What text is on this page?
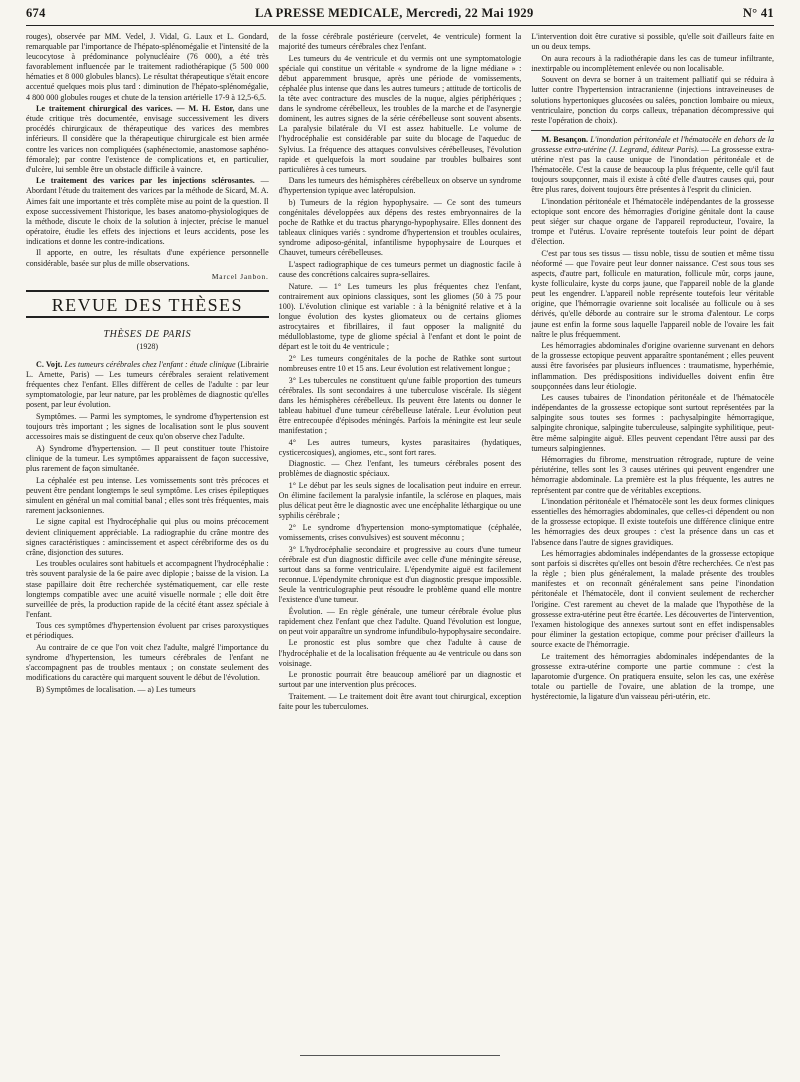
674	LA PRESSE MEDICALE, Mercredi, 22 Mai 1929	N° 41

rouges), observée par MM. Vedel, J. Vidal, G. Laux et L. Gondard, remarquable par l'importance de l'hépato-splénomégalie et l'intensité de la leucocytose à prédominance polynucléaire (76 000), a été très favorablement influencée par le traitement radiothérapique (5 500 000 hématies et 8 000 globules blancs). Le résultat thérapeutique s'était encore accentué quelques mois plus tard : diminution de l'hépato-splénomégalie, 4 800 000 globules rouges et chute de la tension artérielle 17-9 à 12,5-6,5.

Le traitement chirurgical des varices. — M. H. Estor, dans une étude critique très documentée, envisage successivement les divers procédés chirurgicaux de thérapeutique des varices des membres inférieurs. Il considère que la thérapeutique chirurgicale est bien armée contre les varices non compliquées (saphénectomie, anastomose saphéno-fémorale); par contre l'existence de complications et, en particulier, d'ulcère, lui semble être un obstacle difficile à vaincre.

Le traitement des varices par les injections sclérosantes. — Abordant l'étude du traitement des varices par la méthode de Sicard, M. A. Aimes fait une importante et très complète mise au point de la question. Il expose successivement l'historique, les bases anatomo-physiologiques de la méthode, discute le choix de la solution à injecter, précise le manuel opératoire, étudie les effets des injections et leurs accidents, pose les indications et donne les contre-indications.

Il apporte, en outre, les résultats d'une expérience personnelle considérable, basée sur plus de mille observations.

Marcel Janbon.
REVUE DES THÈSES
THÈSES DE PARIS
(1928)

C. Vojt. Les tumeurs cérébrales chez l'enfant : étude clinique (Librairie L. Arnette, Paris) — Les tumeurs cérébrales seraient relativement fréquentes chez l'enfant. Elles diffèrent de celles de l'adulte : par leur symptomatologie, par leur nature, par les problèmes de diagnostic qu'elles posent, par leur évolution.

Symptômes. — Parmi les symptomes, le syndrome d'hypertension est toujours très important ; les signes de localisation sont le plus souvent accessoires mais se distinguent de ceux qu'on observe chez l'adulte.

A) Syndrome d'hypertension. — Il peut constituer toute l'histoire clinique de la tumeur. Les symptômes apparaissent de façon successive, plus rarement de façon simultanée.

La céphalée est peu intense. Les vomissements sont très précoces et peuvent être pendant longtemps le seul symptôme. Les crises épileptiques simulent en général un mal comitial banal ; elles sont très fréquentes, mais rarement jacksoniennes.

Le signe capital est l'hydrocéphalie qui plus ou moins précocement devient cliniquement appréciable. La radiographie du crâne montre des signes caractéristiques : amincissement et aspect cérébriforme des os du crâne, disjonction des sutures.

Les troubles oculaires sont habituels et accompagnent l'hydrocéphalie : très souvent paralysie de la 6e paire avec diplopie ; baisse de la vision. La stase papillaire doit être recherchée systématiquement, car elle reste longtemps compatible avec une acuité visuelle normale ; elle doit être surveillée de près, la production rapide de la cécité étant assez spéciale à l'enfant.

Tous ces symptômes d'hypertension évoluent par crises paroxystiques et périodiques.

Au contraire de ce que l'on voit chez l'adulte, malgré l'importance du syndrome d'hypertension, les tumeurs cérébrales de l'enfant ne s'accompagnent pas de troubles mentaux ; on constate seulement des modifications du caractère qui marquent souvent le début de l'évolution.

B) Symptômes de localisation. — a) Les tumeurs

de la fosse cérébrale postérieure (cervelet, 4e ventricule) forment la majorité des tumeurs cérébrales chez l'enfant.

Les tumeurs du 4e ventricule et du vermis ont une symptomatologie spéciale qui constitue un véritable « syndrome de la ligne médiane » : début apparemment brusque, après une période de vomissements, céphalée plus intense que dans les autres tumeurs ; attitude de torticolis de la tête avec contracture des muscles de la nuque, algies périphériques ; dans le syndrome cérébelleux, les troubles de la marche et de l'asynergie dominent, les autres signes de la série cérébelleuse sont souvent absents. La paralysie bilatérale du VI est assez habituelle. Le volume de l'hydrocéphalie est considérable par suite du blocage de l'aqueduc de Sylvius. La fréquence des attaques convulsives cérébelleuses, l'évolution rapide et quelquefois la mort soudaine par troubles bulbaires sont particulières à ces tumeurs.

Dans les tumeurs des hémisphères cérébelleux on observe un syndrome d'hypertension typique avec latéropulsion.

b) Tumeurs de la région hypophysaire. — Ce sont des tumeurs congénitales développées aux dépens des restes embryonnaires de la poche de Rathke et du tractus pharyngo-hypophysaire. Elles donnent des tableaux cliniques variés : syndrome d'hypertension et troubles oculaires, syndrome adiposo-génital, infantilisme hypophysaire de Lourques et Chauvet, tumeurs cérébelleuses.

L'aspect radiographique de ces tumeurs permet un diagnostic facile à cause des concrétions calcaires supra-sellaires.

Nature. — 1° Les tumeurs les plus fréquentes chez l'enfant, contrairement aux opinions classiques, sont les gliomes (50 à 75 pour 100). L'évolution clinique est variable : à la bénignité relative et à la longue évolution des kystes gliomateux ou de certains gliomes astrocytaires et fibrillaires, il faut opposer la malignité du médulloblastome, type de gliome spécial à l'enfant et dont le point de départ est le toit du 4e ventricule ;

2° Les tumeurs congénitales de la poche de Rathke sont surtout nombreuses entre 10 et 15 ans. Leur évolution est relativement longue ;

3° Les tubercules ne constituent qu'une faible proportion des tumeurs cérébrales. Ils sont secondaires à une tuberculose viscérale. Ils siègent dans les hémisphères cérébelleux. Ils peuvent être latents ou donner le tableau habituel d'une tumeur cérébelleuse latérale. Leur évolution peut être entrecoupée d'épisodes méningés. Parfois la méningite est leur seule manifestation ;

4° Les autres tumeurs, kystes parasitaires (hydatiques, cysticercosiques), angiomes, etc., sont fort rares.

Diagnostic. — Chez l'enfant, les tumeurs cérébrales posent des problèmes de diagnostic spéciaux.

1° Le début par les seuls signes de localisation peut induire en erreur. On élimine facilement la paralysie infantile, la sclérose en plaques, mais plus délicat peut être le diagnostic avec une encéphalite léthargique ou une syphilis cérébrale ;

2° Le syndrome d'hypertension mono-symptomatique (céphalée, vomissements, crises convulsives) est souvent méconnu ;

3° L'hydrocéphalie secondaire et progressive au cours d'une tumeur cérébrale est d'un diagnostic difficile avec celle d'une méningite séreuse, surtout dans sa forme ventriculaire. L'épendymite aiguë est facilement reconnue. L'épendymite chronique est d'un diagnostic presque impossible. Seule la ventriculographie peut résoudre le problème quand elle montre l'existence d'une tumeur.

Évolution. — En règle générale, une tumeur cérébrale évolue plus rapidement chez l'enfant que chez l'adulte. Quand l'évolution est longue, on peut voir apparaître un syndrome infundibulo-hypophysaire secondaire.

Le pronostic est plus sombre que chez l'adulte à cause de l'hydrocéphalie et de la localisation fréquente au 4e ventricule ou dans son voisinage.

Le pronostic pourrait être beaucoup amélioré par un diagnostic et surtout par une intervention plus précoces.

Traitement. — Le traitement doit être avant tout chirurgical, exception faite pour les tuberculomes.

L'intervention doit être curative si possible, qu'elle soit d'ailleurs faite en un ou deux temps.

On aura recours à la radiothérapie dans les cas de tumeur infiltrante, inextirpable ou incomplètement enlevée ou non localisable.

Souvent on devra se borner à un traitement palliatif qui se réduira à lutter contre l'hypertension intracranienne (injections intraveineuses de solutions hypertoniques glucosées ou salées, ponction lombaire ou mieux, ventriculaire, ponction du corps calleux, trépanation décompressive qui reste l'opération de choix).

M. Besançon. L'inondation péritonéale et l'hématocèle en dehors de la grossesse extra-utérine (J. Legrand, éditeur Paris). — La grossesse extra-utérine n'est pas la cause unique de l'inondation péritonéale et de l'hématocèle. C'est la cause de beaucoup la plus fréquente, celle qu'il faut toujours soupçonner, mais il existe à côté d'elle d'autres causes qui, pour être plus rares, doivent toujours être présentes à l'esprit du clinicien.

L'inondation péritonéale et l'hématocèle indépendantes de la grossesse ectopique sont encore des hémorragies d'origine génitale dont la cause peut siéger sur chaque organe de l'appareil reproducteur, l'ovaire, la trompe et l'utérus. L'ovaire représente toutefois leur point de départ d'élection.

C'est par tous ses tissus — tissu noble, tissu de soutien et même tissu néoformé — que l'ovaire peut leur donner naissance. C'est sous tous ses aspects, d'autre part, follicule en maturation, follicule mûr, corps jaune, kyste folliculaire, kyste du corps jaune, que l'appareil noble de la glande peut les engendrer. L'appareil noble représente toutefois leur véritable origine, que l'hémorragie ovarienne soit localisée au follicule ou à ses dérivés, qu'elle déborde au contraire sur le stroma d'alentour. Le corps jaune est enfin la forme sous laquelle l'appareil noble de l'ovaire les fait naître le plus fréquemment.

Les hémorragies abdominales d'origine ovarienne survenant en dehors de la grossesse ectopique peuvent apparaître spontanément ; elles peuvent aussi être favorisées par plusieurs influences : traumatisme, hyperhémie, inflammation. Des prédispositions individuelles doivent enfin être soupçonnées dans leur étiologie.

Les causes tubaires de l'inondation péritonéale et de l'hématocèle indépendantes de la grossesse ectopique sont surtout représentées par la salpingite sous toutes ses formes : pachysalpingite hémorragique, salpingite chronique, salpingite tuberculeuse, salpingite syphilitique, peut-être même salpingite aiguë. Elles peuvent cependant l'être aussi par des tumeurs salpingiennes.

Hémorragies du fibrome, menstruation rétrograde, rupture de veine périutérine, telles sont les 3 causes utérines qui peuvent engendrer une hémorragie abdominale. La première est la plus fréquente, les autres ne représentent par contre que de véritables exceptions.

L'inondation péritonéale et l'hématocèle sont les deux formes cliniques essentielles des hémorragies abdominales, que celles-ci dépendent ou non de la grossesse ectopique. Il existe toutefois une différence clinique entre les hémorragies des deux groupes : c'est la présence dans un cas et l'absence dans l'autre de signes gravidiques.

Les hémorragies abdominales indépendantes de la grossesse ectopique sont parfois si discrètes qu'elles ont besoin d'être recherchées. Ce n'est pas la règle ; bien plus généralement, la malade présente des troubles manifestes et on reconnaît généralement sans peine l'inondation péritonéale et l'hématocèle, dont il convient seulement de rechercher l'origine. C'est rarement au chevet de la malade que l'hypothèse de la grossesse extra-utérine peut être écartée. Les découvertes de l'intervention, l'examen histologique des annexes surtout sont en effet indispensables pour éliminer la gestation ectopique, comme pour préciser d'ailleurs la source exacte de l'hémorragie.

Le traitement des hémorragies abdominales indépendantes de la grossesse extra-utérine comporte une partie commune : c'est la laparotomie d'urgence. On pratiquera ensuite, selon les cas, une exérèse totale ou partielle de l'ovaire, une ablation de la trompe, une hystérectomie, la ligature d'un vaisseau péri-utérin, etc.
